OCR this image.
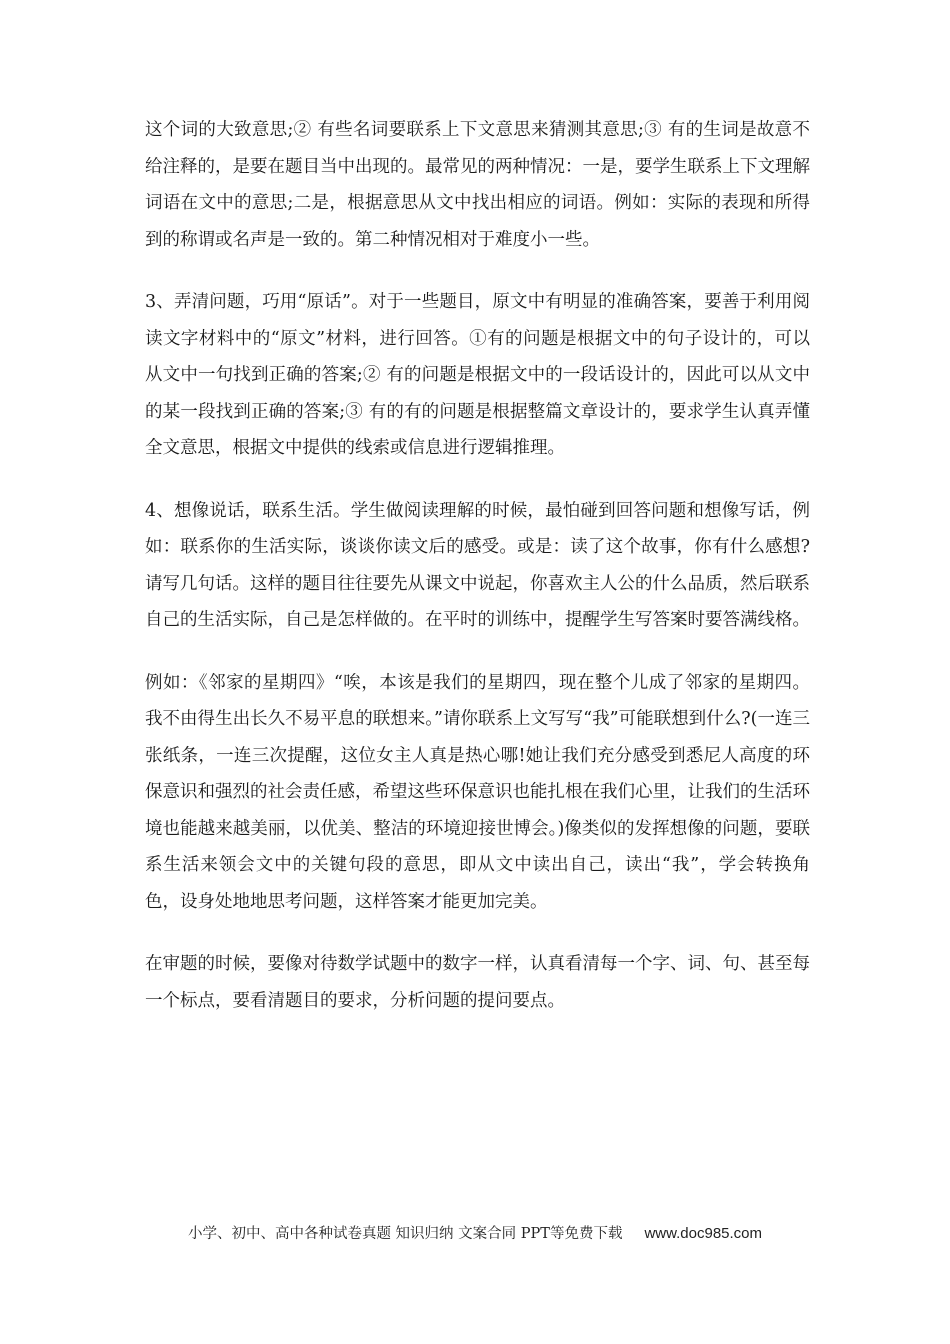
这个词的大致意思;② 有些名词要联系上下文意思来猜测其意思;③ 有的生词是故意不给注释的，是要在题目当中出现的。最常见的两种情况：一是，要学生联系上下文理解词语在文中的意思;二是，根据意思从文中找出相应的词语。例如：实际的表现和所得到的称谓或名声是一致的。第二种情况相对于难度小一些。

3、弄清问题，巧用“原话”。对于一些题目，原文中有明显的准确答案，要善于利用阅读文字材料中的“原文”材料，进行回答。①有的问题是根据文中的句子设计的，可以从文中一句找到正确的答案;② 有的问题是根据文中的一段话设计的，因此可以从文中的某一段找到正确的答案;③ 有的有的问题是根据整篇文章设计的，要求学生认真弄懂全文意思，根据文中提供的线索或信息进行逻辑推理。

4、想像说话，联系生活。学生做阅读理解的时候，最怕碰到回答问题和想像写话，例如：联系你的生活实际，谈谈你读文后的感受。或是：读了这个故事，你有什么感想?请写几句话。这样的题目往往要先从课文中说起，你喜欢主人公的什么品质，然后联系自己的生活实际，自己是怎样做的。在平时的训练中，提醒学生写答案时要答满线格。

例如：《邻家的星期四》“唉，本该是我们的星期四，现在整个儿成了邻家的星期四。我不由得生出长久不易平息的联想来。”请你联系上文写写“我”可能联想到什么?(一连三张纸条，一连三次提醒，这位女主人真是热心哪!她让我们充分感受到悉尼人高度的环保意识和强烈的社会责任感，希望这些环保意识也能扎根在我们心里，让我们的生活环境也能越来越美丽，以优美、整洁的环境迎接世博会。)像类似的发挥想像的问题，要联系生活来领会文中的关键句段的意思，即从文中读出自己，读出“我”，学会转换角色，设身处地地思考问题，这样答案才能更加完美。

在审题的时候，要像对待数学试题中的数字一样，认真看清每一个字、词、句、甚至每一个标点，要看清题目的要求，分析问题的提问要点。

小学、初中、高中各种试卷真题 知识归纳 文案合同 PPT等免费下载 www.doc985.com
